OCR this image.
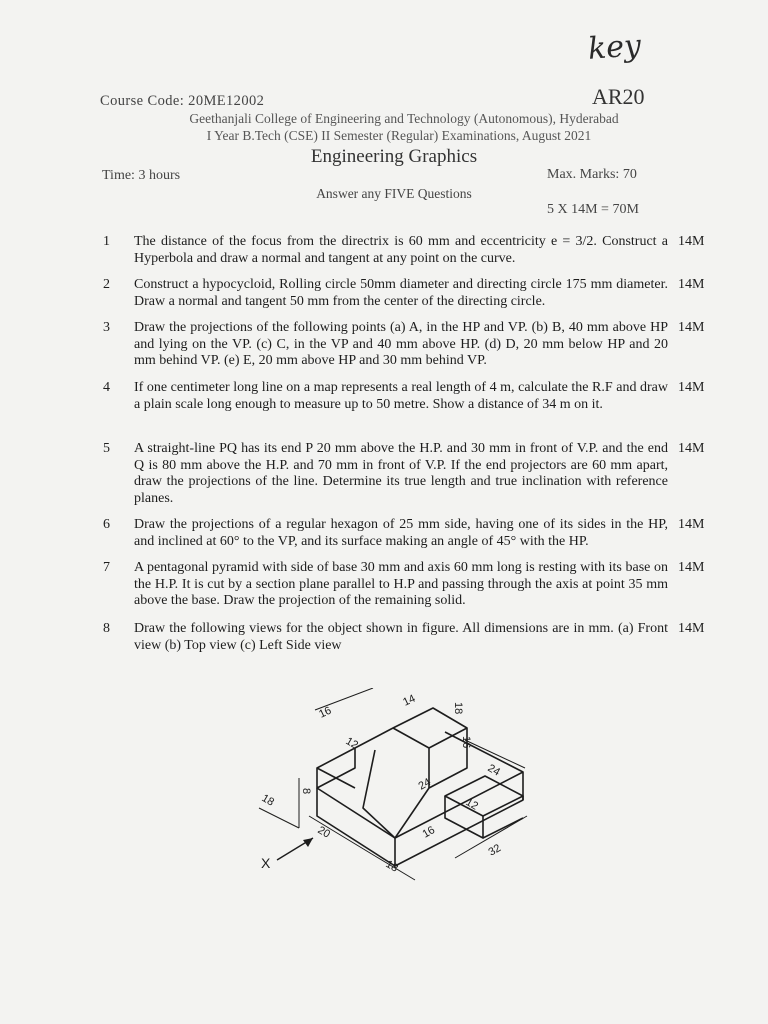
key
Course Code: 20ME12002	AR20
Geethanjali College of Engineering and Technology (Autonomous), Hyderabad
I Year B.Tech (CSE) II Semester (Regular) Examinations, August 2021
Engineering Graphics
Time: 3 hours	Max. Marks: 70
Answer any FIVE Questions
5 X 14M = 70M
1 The distance of the focus from the directrix is 60 mm and eccentricity e = 3/2. Construct a Hyperbola and draw a normal and tangent at any point on the curve.
14M
2 Construct a hypocycloid, Rolling circle 50mm diameter and directing circle 175 mm diameter. Draw a normal and tangent 50 mm from the center of the directing circle.
14M
3 Draw the projections of the following points (a) A, in the HP and VP. (b) B, 40 mm above HP and lying on the VP. (c) C, in the VP and 40 mm above HP. (d) D, 20 mm below HP and 20 mm behind VP. (e) E, 20 mm above HP and 30 mm behind VP.
14M
4 If one centimeter long line on a map represents a real length of 4 m, calculate the R.F and draw a plain scale long enough to measure up to 50 metre. Show a distance of 34 m on it.
14M
5 A straight-line PQ has its end P 20 mm above the H.P. and 30 mm in front of V.P. and the end Q is 80 mm above the H.P. and 70 mm in front of V.P. If the end projectors are 60 mm apart, draw the projections of the line. Determine its true length and true inclination with reference planes.
14M
6 Draw the projections of a regular hexagon of 25 mm side, having one of its sides in the HP, and inclined at 60° to the VP, and its surface making an angle of 45° with the HP.
14M
7 A pentagonal pyramid with side of base 30 mm and axis 60 mm long is resting with its base on the H.P. It is cut by a section plane parallel to H.P and passing through the axis at point 35 mm above the base. Draw the projection of the remaining solid.
14M
8 Draw the following views for the object shown in figure. All dimensions are in mm. (a) Front view (b) Top view (c) Left Side view
14M
16
14	18
12	16
8
24
24
18
20
12
16
18
32
X
